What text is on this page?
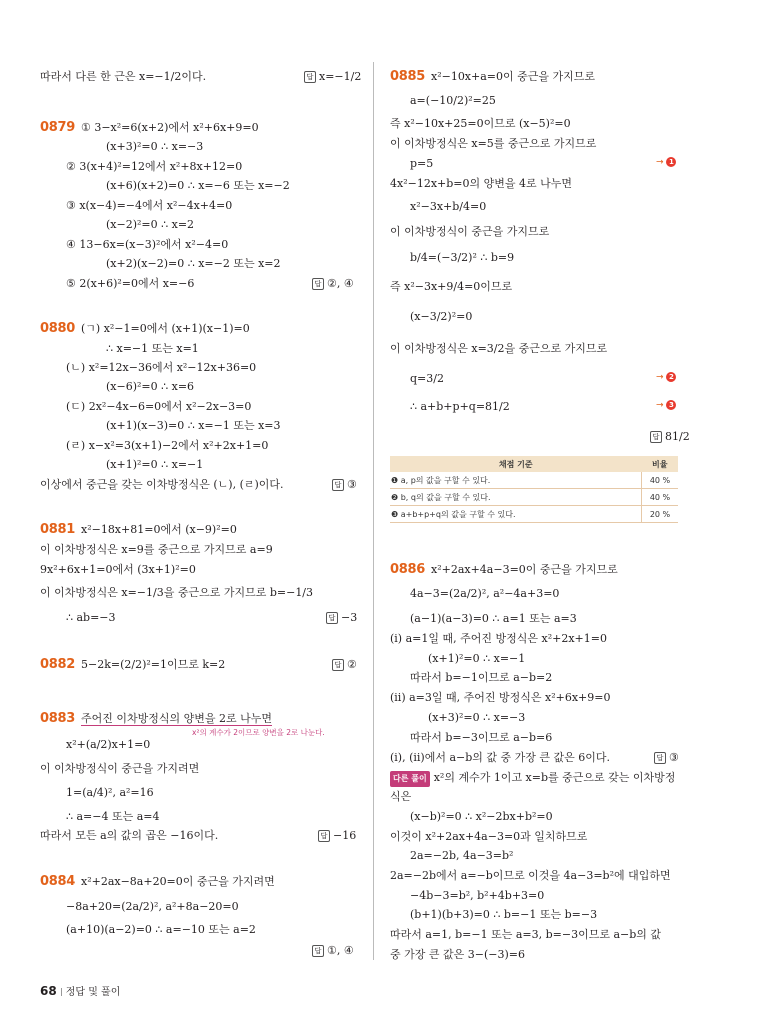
따라서 다른 한 근은 x=−1/2이다.	답 x=−1/2
0879 ① 3−x²=6(x+2)에서 x²+6x+9=0
(x+3)²=0 ∴ x=−3
② 3(x+4)²=12에서 x²+8x+12=0
(x+6)(x+2)=0 ∴ x=−6 또는 x=−2
③ x(x−4)=−4에서 x²−4x+4=0
(x−2)²=0 ∴ x=2
④ 13−6x=(x−3)²에서 x²−4=0
(x+2)(x−2)=0 ∴ x=−2 또는 x=2
⑤ 2(x+6)²=0에서 x=−6	답 ②, ④
0880 (ㄱ) x²−1=0에서 (x+1)(x−1)=0
∴ x=−1 또는 x=1
(ㄴ) x²=12x−36에서 x²−12x+36=0
(x−6)²=0 ∴ x=6
(ㄷ) 2x²−4x−6=0에서 x²−2x−3=0
(x+1)(x−3)=0 ∴ x=−1 또는 x=3
(ㄹ) x−x²=3(x+1)−2에서 x²+2x+1=0
(x+1)²=0 ∴ x=−1
이상에서 중근을 갖는 이차방정식은 (ㄴ), (ㄹ)이다.	답 ③
0881 x²−18x+81=0에서 (x−9)²=0
이 이차방정식은 x=9를 중근으로 가지므로 a=9
9x²+6x+1=0에서 (3x+1)²=0
이 이차방정식은 x=−1/3을 중근으로 가지므로 b=−1/3
∴ ab=−3	답 −3
0882 5−2k=(2/2)²=1이므로 k=2	답 ②
0883 주어진 이차방정식의 양변을 2로 나누면
x²의 계수가 2이므로 양변을 2로 나눈다.
x²+(a/2)x+1=0
이 이차방정식이 중근을 가지려면
1=(a/4)², a²=16
∴ a=−4 또는 a=4
따라서 모든 a의 값의 곱은 −16이다.	답 −16
0884 x²+2ax−8a+20=0이 중근을 가지려면
−8a+20=(2a/2)², a²+8a−20=0
(a+10)(a−2)=0 ∴ a=−10 또는 a=2
답 ①, ④
0885 x²−10x+a=0이 중근을 가지므로
a=(−10/2)²=25
즉 x²−10x+25=0이므로 (x−5)²=0
이 이차방정식은 x=5를 중근으로 가지므로
p=5	→ 1
4x²−12x+b=0의 양변을 4로 나누면
x²−3x+b/4=0
이 이차방정식이 중근을 가지므로
b/4=(−3/2)² ∴ b=9
즉 x²−3x+9/4=0이므로
(x−3/2)²=0
이 이차방정식은 x=3/2을 중근으로 가지므로
q=3/2	→ 2
∴ a+b+p+q=81/2	→ 3
답 81/2
채점 기준	비율
❶ a, p의 값을 구할 수 있다.	40 %
❷ b, q의 값을 구할 수 있다.	40 %
❸ a+b+p+q의 값을 구할 수 있다.	20 %
0886 x²+2ax+4a−3=0이 중근을 가지므로
4a−3=(2a/2)², a²−4a+3=0
(a−1)(a−3)=0 ∴ a=1 또는 a=3
(ⅰ) a=1일 때, 주어진 방정식은 x²+2x+1=0
(x+1)²=0 ∴ x=−1
따라서 b=−1이므로 a−b=2
(ⅱ) a=3일 때, 주어진 방정식은 x²+6x+9=0
(x+3)²=0 ∴ x=−3
따라서 b=−3이므로 a−b=6
(ⅰ), (ⅱ)에서 a−b의 값 중 가장 큰 값은 6이다.	답 ③
다른 풀이 x²의 계수가 1이고 x=b를 중근으로 갖는 이차방정
식은
(x−b)²=0 ∴ x²−2bx+b²=0
이것이 x²+2ax+4a−3=0과 일치하므로
2a=−2b, 4a−3=b²
2a=−2b에서 a=−b이므로 이것을 4a−3=b²에 대입하면
−4b−3=b², b²+4b+3=0
(b+1)(b+3)=0 ∴ b=−1 또는 b=−3
따라서 a=1, b=−1 또는 a=3, b=−3이므로 a−b의 값
중 가장 큰 값은 3−(−3)=6
68 정답 및 풀이
